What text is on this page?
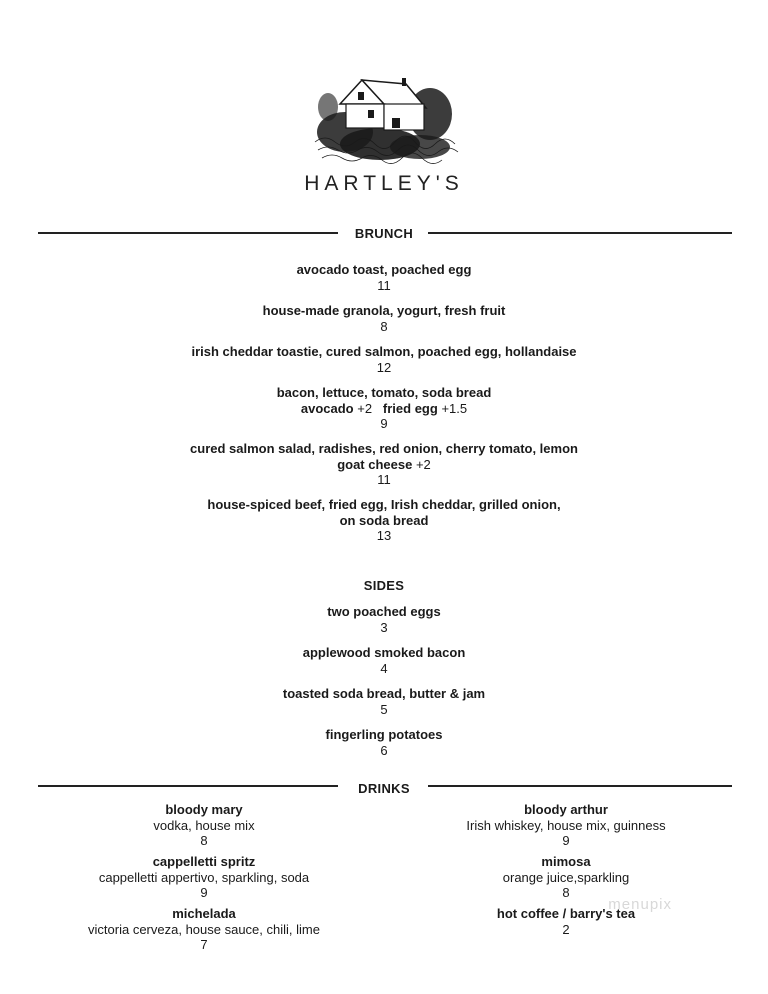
HARTLEY'S
BRUNCH
avocado toast, poached egg
11
house-made granola, yogurt, fresh fruit
8
irish cheddar toastie, cured salmon, poached egg, hollandaise
12
bacon, lettuce, tomato, soda bread
avocado +2 fried egg +1.5
9
cured salmon salad, radishes, red onion, cherry tomato, lemon
goat cheese +2
11
house-spiced beef, fried egg, Irish cheddar, grilled onion,
on soda bread
13
SIDES
two poached eggs
3
applewood smoked bacon
4
toasted soda bread, butter & jam
5
fingerling potatoes
6
DRINKS
bloody mary
vodka, house mix
8
cappelletti spritz
cappelletti appertivo, sparkling, soda
9
michelada
victoria cerveza, house sauce, chili, lime
7
bloody arthur
Irish whiskey, house mix, guinness
9
mimosa
orange juice,sparkling
8
hot coffee / barry's tea
2
menupix
